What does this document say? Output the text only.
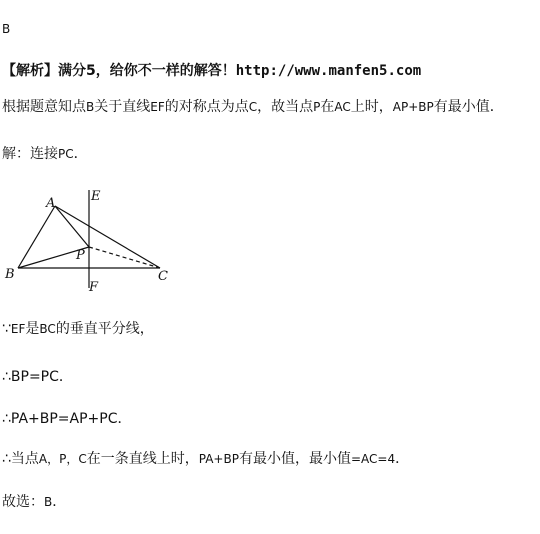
B
【解析】满分5，给你不一样的解答！http://www.manfen5.com
根据题意知点B关于直线EF的对称点为点C，故当点P在AC上时，AP+BP有最小值．
解：连接PC．
A	E
P
B	C
F
∵EF是BC的垂直平分线，
∴BP=PC．
∴PA+BP=AP+PC．
∴当点A，P，C在一条直线上时，PA+BP有最小值，最小值=AC=4．
故选：B．
